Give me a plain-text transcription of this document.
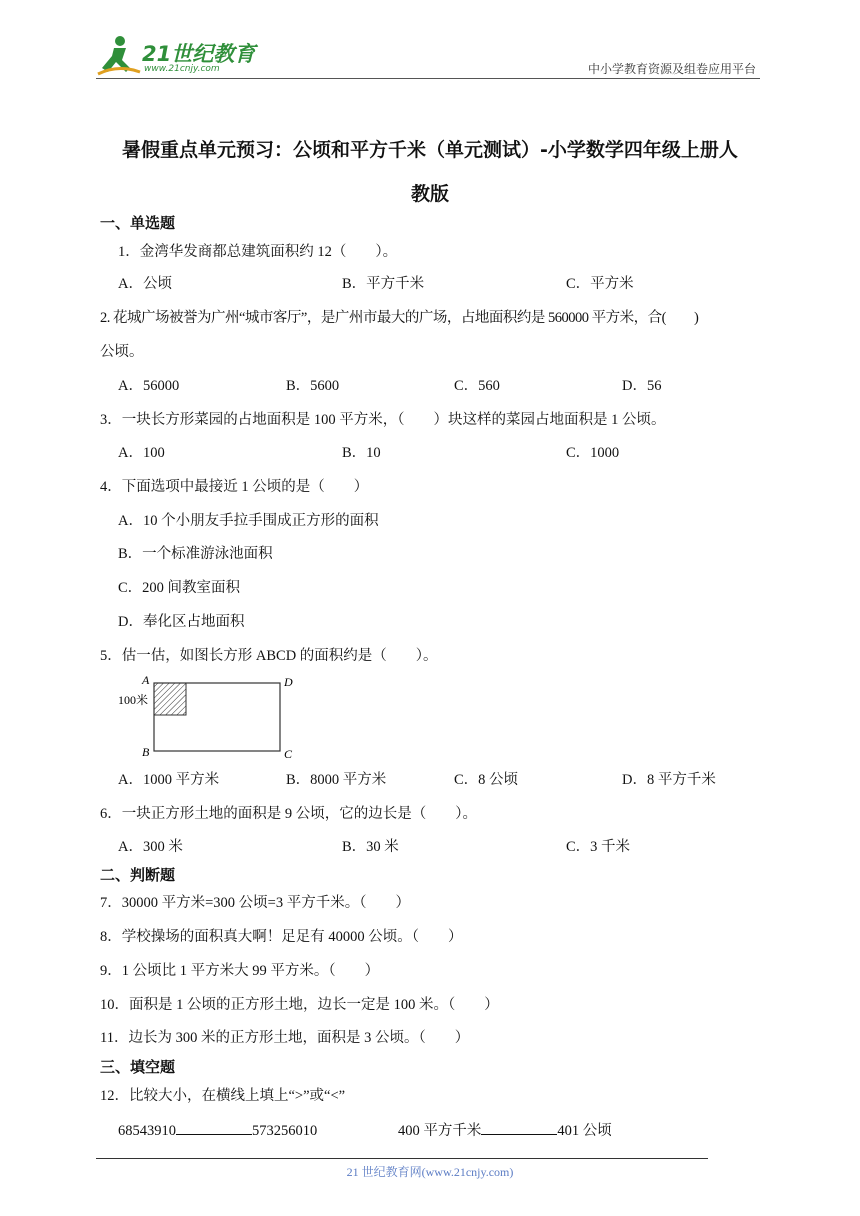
21世纪教育
www.21cnjy.com	中小学教育资源及组卷应用平台
暑假重点单元预习：公顷和平方千米（单元测试）-小学数学四年级上册人
教版
一、单选题
1．金湾华发商都总建筑面积约 12（　　）。
A．公顷	B．平方千米	C．平方米
2. 花城广场被誉为广州“城市客厅”，是广州市最大的广场，占地面积约是 560000 平方米，合(　　)
公顷。
A．56000	B．5600	C．560	D．56
3．一块长方形菜园的占地面积是 100 平方米，（　　）块这样的菜园占地面积是 1 公顷。
A．100	B．10	C．1000
4．下面选项中最接近 1 公顷的是（　　）
A．10 个小朋友手拉手围成正方形的面积
B．一个标准游泳池面积
C．200 间教室面积
D．奉化区占地面积
5．估一估，如图长方形 ABCD 的面积约是（　　）。
A	D
B	C
100米
A．1000 平方米	B．8000 平方米	C．8 公顷	D．8 平方千米
6．一块正方形土地的面积是 9 公顷，它的边长是（　　）。
A．300 米	B．30 米	C．3 千米
二、判断题
7．30000 平方米=300 公顷=3 平方千米。（　　）
8．学校操场的面积真大啊！足足有 40000 公顷。（　　）
9．1 公顷比 1 平方米大 99 平方米。（　　）
10．面积是 1 公顷的正方形土地，边长一定是 100 米。（　　）
11．边长为 300 米的正方形土地，面积是 3 公顷。（　　）
三、填空题
12．比较大小，在横线上填上“>”或“<”
68543910	573256010	400 平方千米	401 公顷
21 世纪教育网(www.21cnjy.com)
